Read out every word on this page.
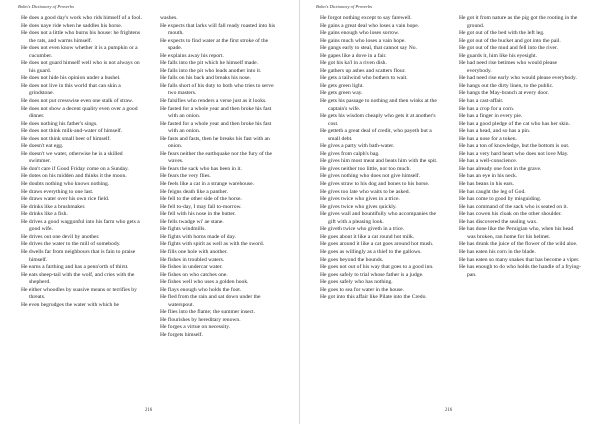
Bohn's Dictionary of Proverbs
He does a good day's work who rids himself of a fool.
He does naye ride when he saddles his horse.
He does not a little who burns his house: he frightens the rats, and warms himself.
He does not even know whether it is a pumpkin or a cucumber.
He does not guard himself well who is not always on his guard.
He does not hide his opinion under a bushel.
He does not live in this world that can skin a grindstone.
He does not put cresswise even one stalk of straw.
He does not show a decent quality even over a good dinner.
He does nothing his father's sings.
He does not think milk-and-water of himself.
He does not think small beer of himself.
He doesn't eat egg.
He doesn't we water, otherwise he is a skilled swimmer.
He don't care if Good Friday come on a Sunday.
He dotes on his midden and thinks it the moon.
He doubts nothing who knows nothing.
He draws everything to one last.
He draws water over his own rice field.
He drinks like a brushmaker.
He drinks like a fish.
He drives a good waggonful into his farm who gets a good wife.
He drives out one devil by another.
He drives the water to the mill of somebody.
He dwells far from neighbours that is fain to praise himself.
He earns a farthing and has a penn'orth of thirst.
He eats sheep-tail with the wolf, and cries with the shepherd.
He either whoodles by suasive means or terrifies by threats.
He even begrudges the water with which he
washes.
He expects that larks will fall ready roasted into his mouth.
He expects to find water at the first stroke of the spade.
He explains away his report.
He falls into the pit which he himself made.
He falls into the pit who leads another into it.
He falls on his back and breaks his nose.
He falls short of his duty to both who tries to serve two masters.
He falsifies who renders a verse just as it looks.
He fasted for a whole year and then broke his fast with an onion.
He fasted for a whole year and then broke his fast with an onion.
He fasts and fasts, then he breaks his fast with an onion.
He fears neither the earthquake nor the fury of the waves.
He fears the sack who has been in it.
He fears the very flies.
He feels like a cat in a strange warehouse.
He feigns death like a panther.
He fell to the other side of the horse.
He fell to-day, I may fall to-morrow.
He fell with his nose in the butter.
He fells twadge wi' ae stane.
He fights windmills.
He fights with horns made of day.
He fights with spirit as well as with the sword.
He fills one hole with another.
He fishes in troubled waters.
He fishes in undercar water.
He fishes on who catches one.
He fishes well who uses a golden hook.
He flays enough who holds the foot.
He fled from the rain and sat down under the waterspout.
He flies into the flame; the summer insect.
He flourishes by hereditary renown.
He forges a virtue on necessity.
He forgets himself.
216
Bohn's Dictionary of Proverbs
He forgot nothing except to say farewell.
He gains a great deal who loses a vain hope.
He gains enough who loses sorrow.
He gains much who loses a vain hope.
He gangs early to steal, that cannot say No.
He gapes like a dove in a fair.
He got his ka'l in a riven dish.
He gathers up ashes and scatters flour.
He gets a tailwind who bothers to wait.
He gets green light.
He gets green way.
He gets his passage to nothing and then winks at the captain's wife.
He gets his wisdom cheaply who gets it at another's cost.
He getteth a great deal of credit, who payeth but a small debt.
He gives a party with bath-water.
He gives from calph's bag.
He gives him most meat and beats him with the spit.
He gives neither too little, nor too much.
He gives nothing who does not give himself.
He gives straw to his dog and bones to his horse.
He gives too late who waits to be asked.
He gives twice who gives in a trice.
He gives twice who gives quickly.
He gives wall and bountifully who accompanies the gift with a pleasing look.
He giveth twice who giveth in a trice.
He goes about it like a cat round hot milk.
He goes around it like a cat goes around hot mush.
He goes as willingly as a thief to the gallows.
He goes beyond the bounds.
He goes not out of his way that goes to a good inn.
He goes safely to trial whose father is a judge.
He goes safely who has nothing.
He goes to sea for water in the house.
He got into this affair like Pilate into the Credo.
He got it from nature as the pig got the rooting in the ground.
He got out of the bed with the left leg.
He got out of the bucket and got into the pail.
He got out of the mud and fell into the river.
He guards it, him like his eyesight.
He had need rise betimes who would please everybody.
He had need rise early who would please everybody.
He hangs out the dirty linen, to the public.
He hangs the May-branch at every door.
He has a cast-affair.
He has a crop for a corn.
He has a finger in every pie.
He has a good pledge of the cat who has her skin.
He has a head, and so has a pin.
He has a nose for a token.
He has a ton of knowledge, but the bottom is out.
He has a very hard heart who does not love May.
He has a well-conscience.
He has already one foot in the grave.
He has an eye in his neck.
He has beans in his ears.
He has caught the leg of God.
He has come to good by misguiding.
He has command of the sack who is seated on it.
He has cowen his cloak on the other shoulder.
He has discovered the sealing wax.
He has done like the Peruigian who, when his head was broken, ran home for his helmet.
He has drunk the juice of the flower of the wild aloe.
He has eaten his corn in the blade.
He has eaten so many snakes that has become a viper.
He has enough to do who holds the handle of a frying-pan.
216
